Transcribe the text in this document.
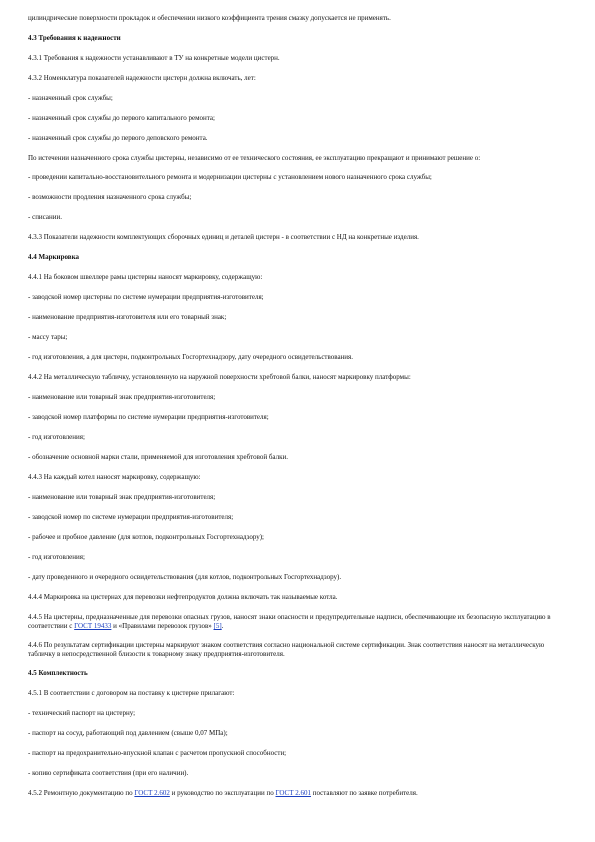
цилиндрические поверхности прокладок и обеспечении низкого коэффициента трения смазку допускается не применять.

4.3 Требования к надежности

4.3.1 Требования к надежности устанавливают в ТУ на конкретные модели цистерн.

4.3.2 Номенклатура показателей надежности цистерн должна включать, лет:

- назначенный срок службы;

- назначенный срок службы до первого капитального ремонта;

- назначенный срок службы до первого деповского ремонта.

По истечении назначенного срока службы цистерны, независимо от ее технического состояния, ее эксплуатацию прекращают и принимают решение о:

- проведении капитально-восстановительного ремонта и модернизации цистерны с установлением нового назначенного срока службы;

- возможности продления назначенного срока службы;

- списании.

4.3.3 Показатели надежности комплектующих сборочных единиц и деталей цистерн - в соответствии с НД на конкретные изделия.

4.4 Маркировка

4.4.1 На боковом швеллере рамы цистерны наносят маркировку, содержащую:

- заводской номер цистерны по системе нумерации предприятия-изготовителя;

- наименование предприятия-изготовителя или его товарный знак;

- массу тары;

- год изготовления, а для цистерн, подконтрольных Госгортехнадзору, дату очередного освидетельствования.

4.4.2 На металлическую табличку, установленную на наружной поверхности хребтовой балки, наносят маркировку платформы:

- наименование или товарный знак предприятия-изготовителя;

- заводской номер платформы по системе нумерации предприятия-изготовителя;

- год изготовления;

- обозначение основной марки стали, применяемой для изготовления хребтовой балки.

4.4.3 На каждый котел наносят маркировку, содержащую:

- наименование или товарный знак предприятия-изготовителя;

- заводской номер по системе нумерации предприятия-изготовителя;

- рабочее и пробное давление (для котлов, подконтрольных Госгортехнадзору);

- год изготовления;

- дату проведенного и очередного освидетельствования (для котлов, подконтрольных Госгортехнадзору).

4.4.4 Маркировка на цистернах для перевозки нефтепродуктов должна включать так называемые котла.

4.4.5 На цистерны, предназначенные для перевозки опасных грузов, наносят знаки опасности и предупредительные надписи, обеспечивающие их безопасную эксплуатацию в соответствии с ГОСТ 19433 и «Правилами перевозок грузов» [5].

4.4.6 По результатам сертификации цистерны маркируют знаком соответствия согласно национальной системе сертификации. Знак соответствия наносят на металлическую табличку в непосредственной близости к товарному знаку предприятия-изготовителя.

4.5 Комплектность

4.5.1 В соответствии с договором на поставку к цистерне прилагают:

- технический паспорт на цистерну;

- паспорт на сосуд, работающий под давлением (свыше 0,07 МПа);

- паспорт на предохранительно-впускной клапан с расчетом пропускной способности;

- копию сертификата соответствия (при его наличии).

4.5.2 Ремонтную документацию по ГОСТ 2.602 и руководство по эксплуатации по ГОСТ 2.601 поставляют по заявке потребителя.
